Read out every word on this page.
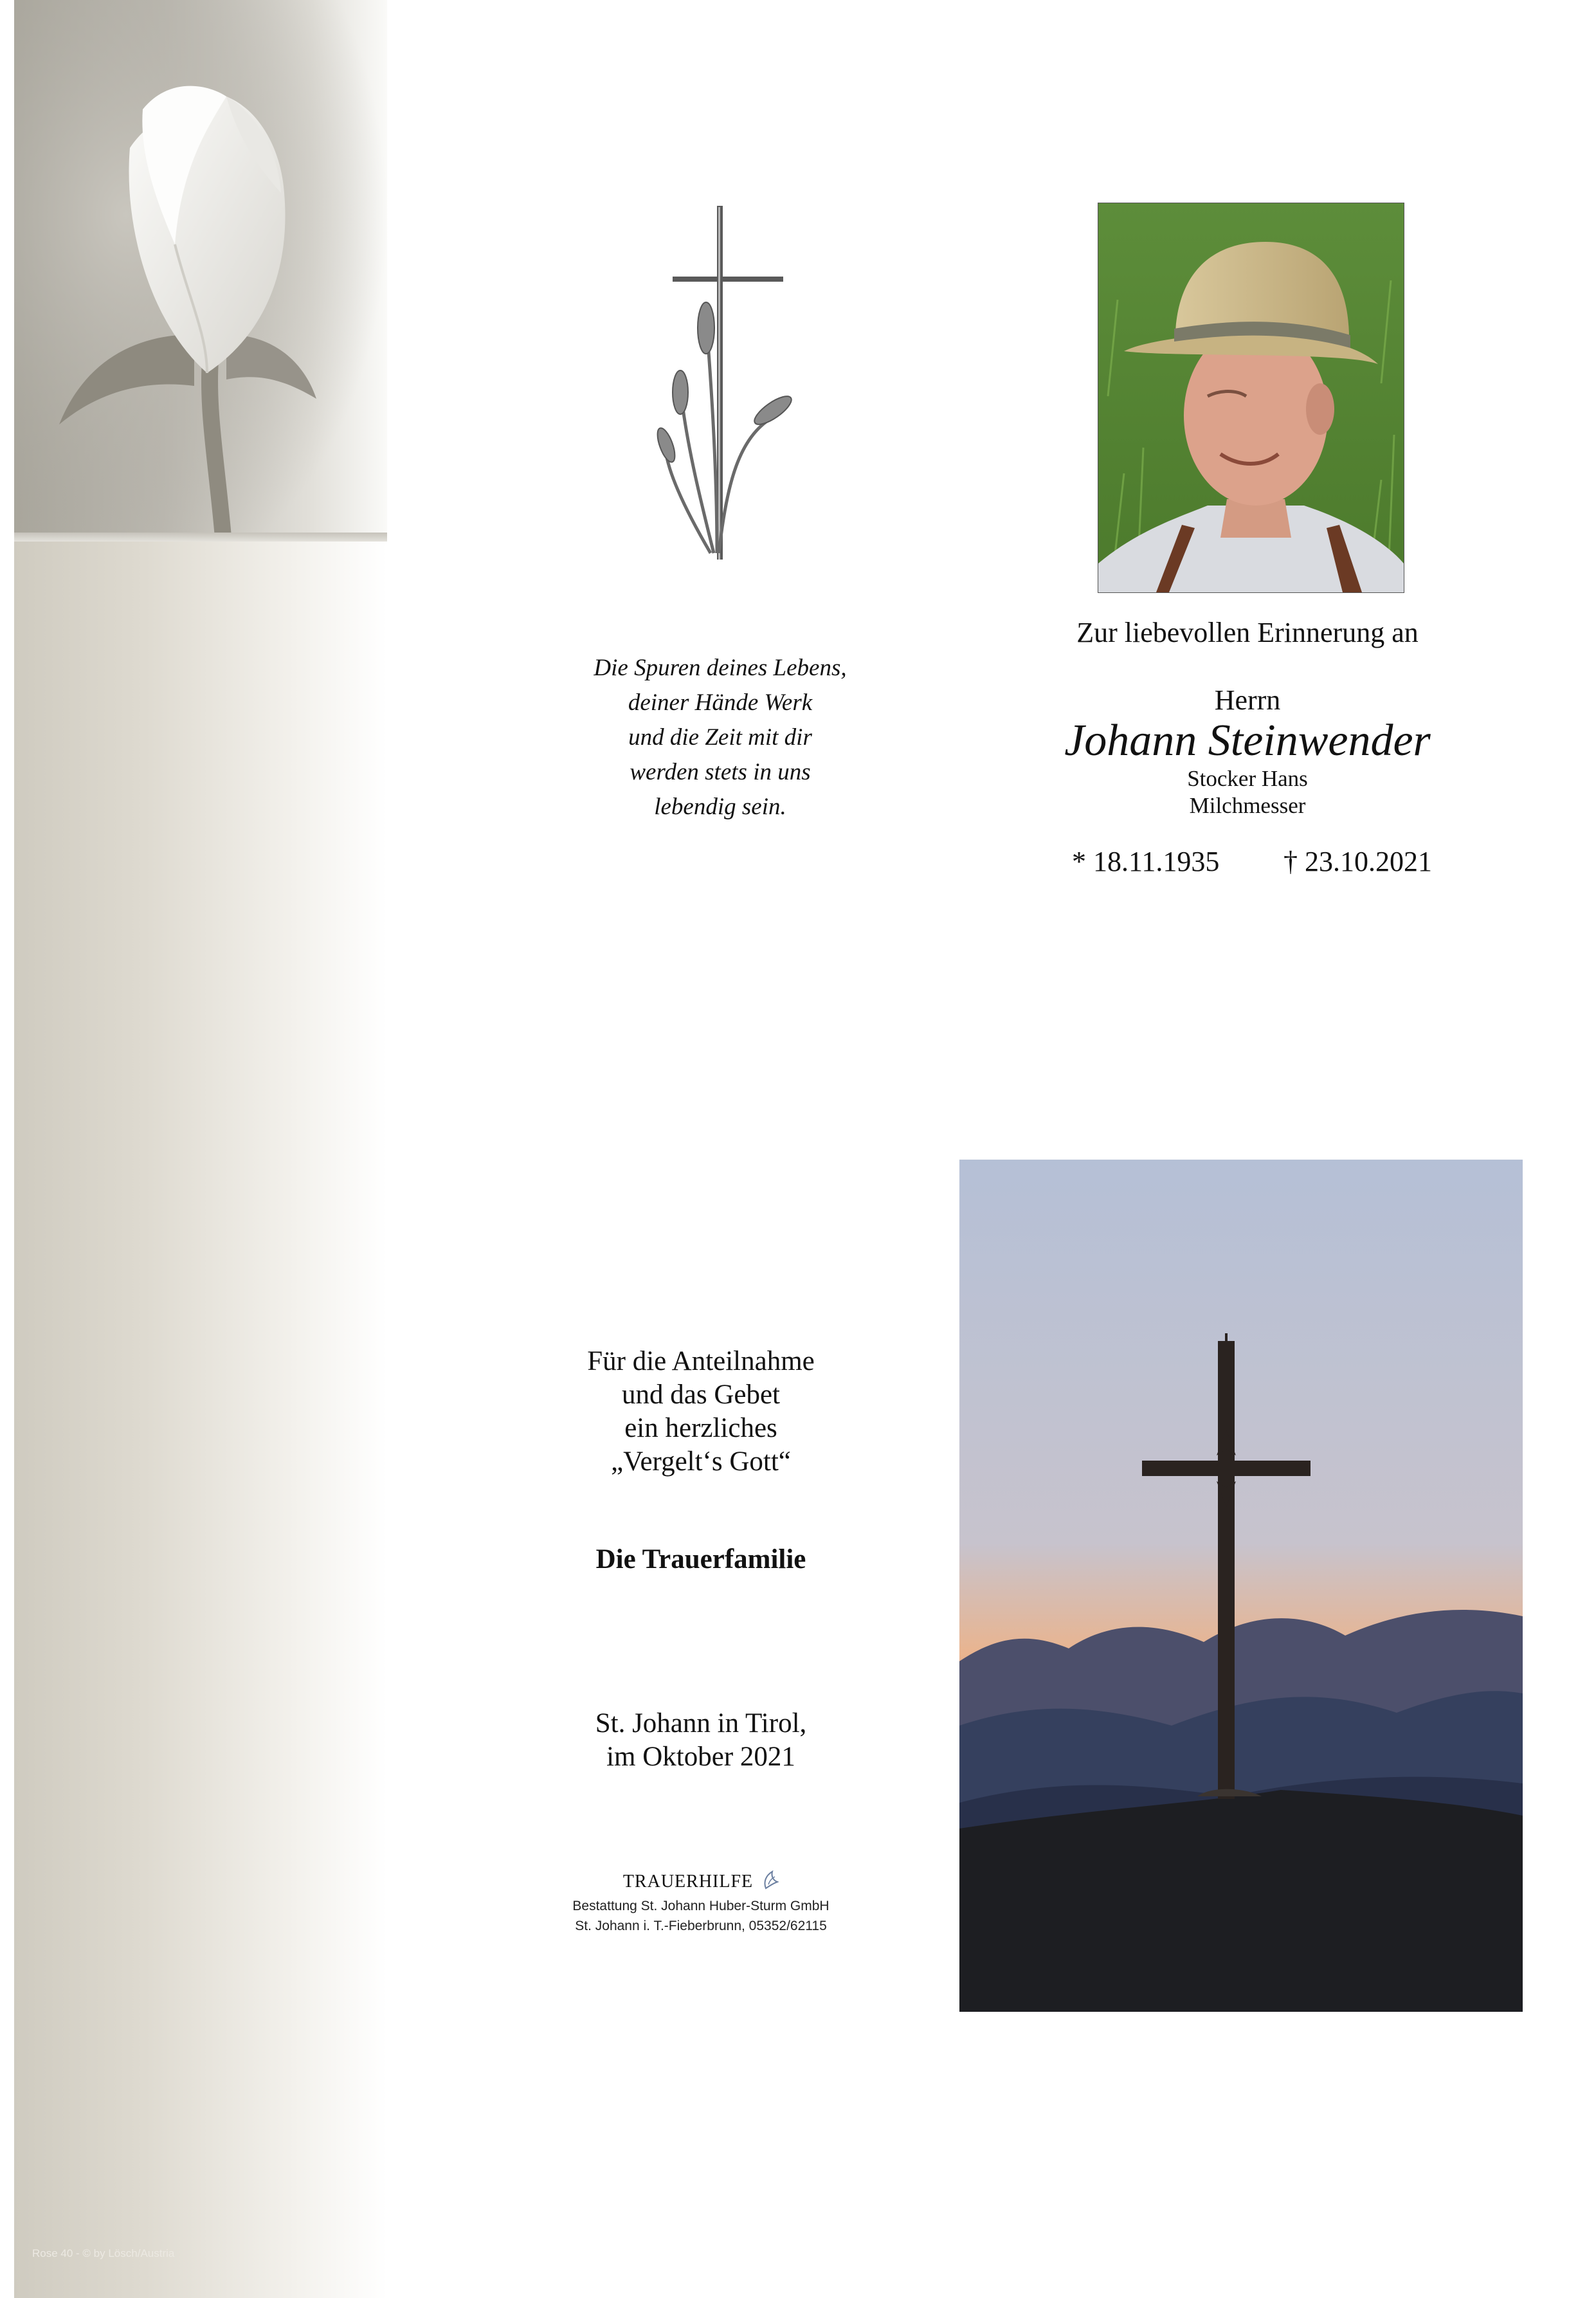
Rose 40 - © by Lösch/Austria
Die Spuren deines Lebens,
deiner Hände Werk
und die Zeit mit dir
werden stets in uns
lebendig sein.
Zur liebevollen Erinnerung an
Herrn
Johann Steinwender
Stocker Hans
Milchmesser
* 18.11.1935 † 23.10.2021
Für die Anteilnahme
und das Gebet
ein herzliches
„Vergelt‘s Gott“
Die Trauerfamilie
St. Johann in Tirol,
im Oktober 2021
TRAUERHILFE
Bestattung St. Johann Huber-Sturm GmbH
St. Johann i. T.-Fieberbrunn, 05352/62115
